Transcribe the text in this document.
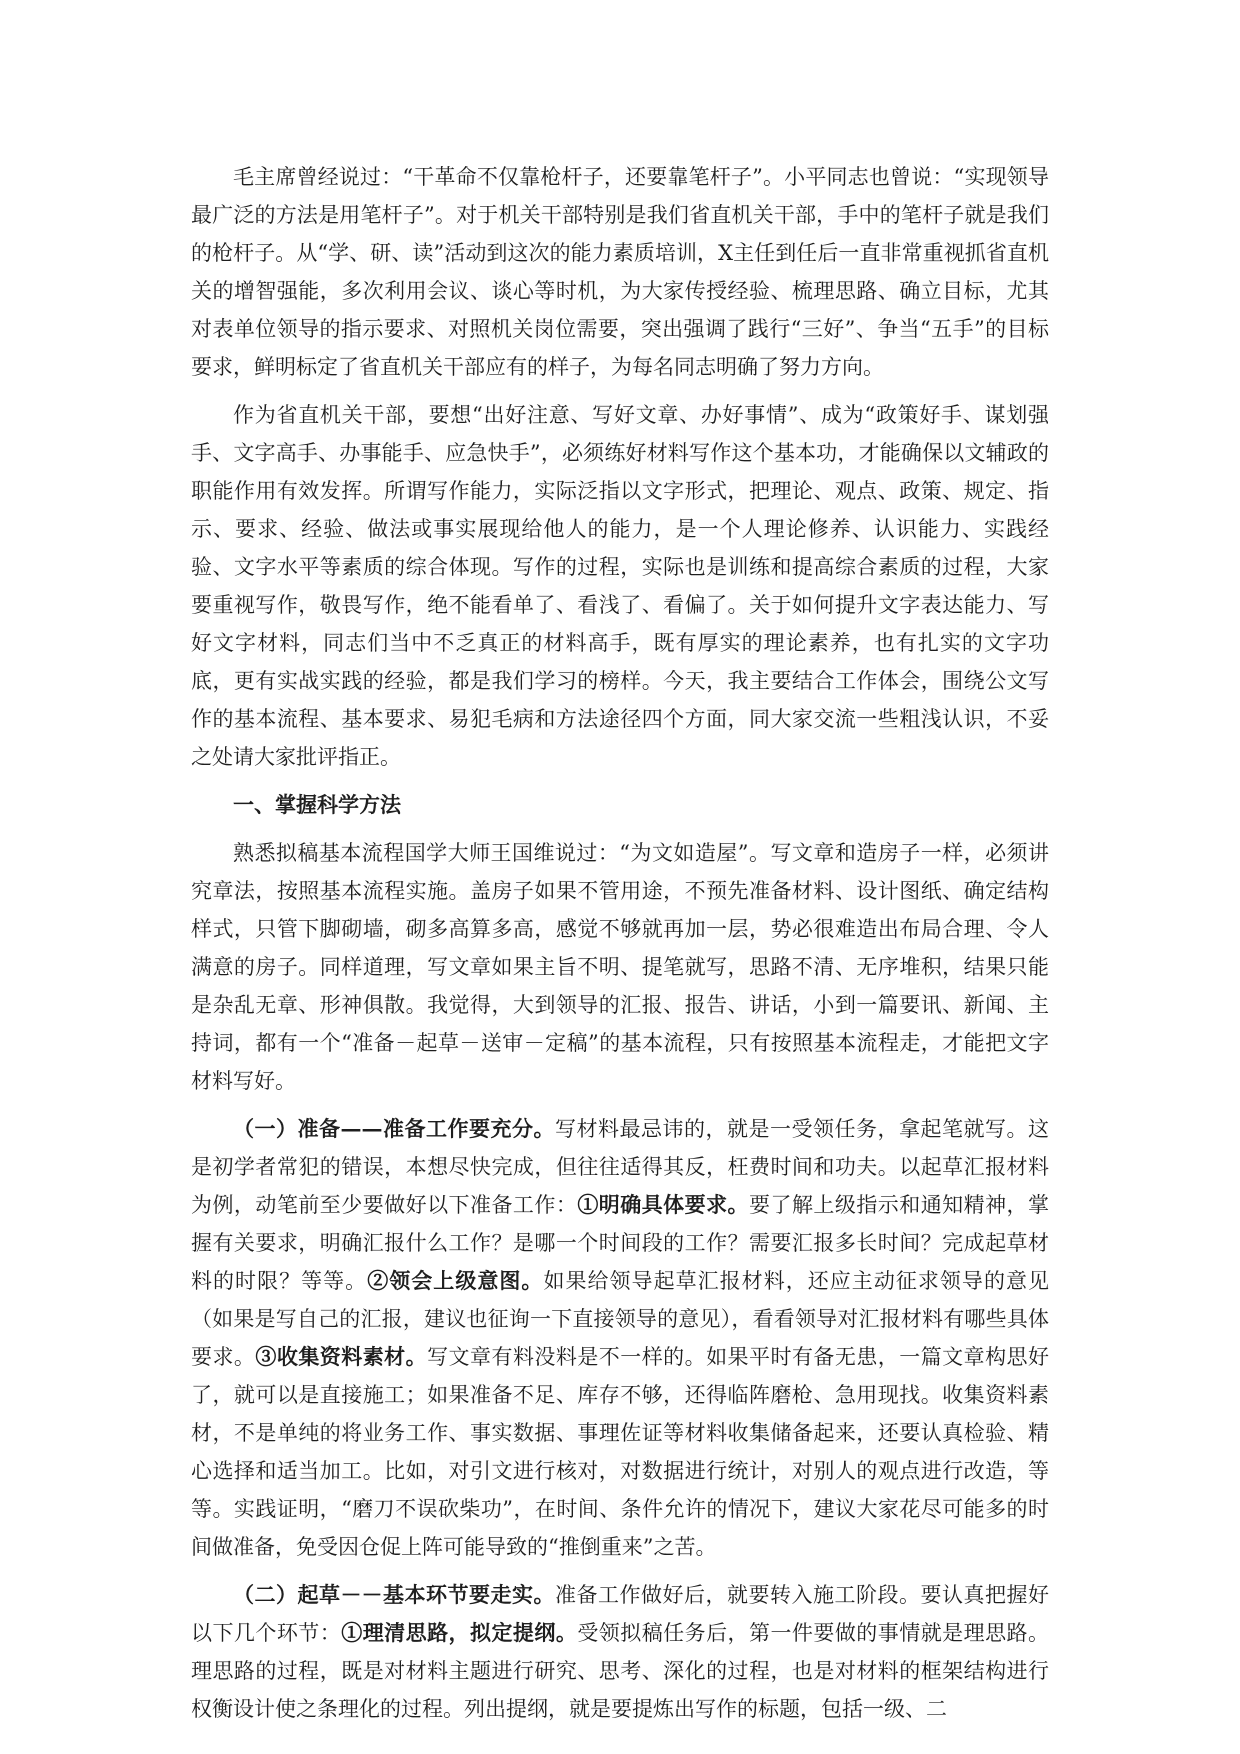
毛主席曾经说过：“干革命不仅靠枪杆子，还要靠笔杆子”。小平同志也曾说：“实现领导最广泛的方法是用笔杆子”。对于机关干部特别是我们省直机关干部，手中的笔杆子就是我们的枪杆子。从“学、研、读”活动到这次的能力素质培训，X主任到任后一直非常重视抓省直机关的增智强能，多次利用会议、谈心等时机，为大家传授经验、梳理思路、确立目标，尤其对表单位领导的指示要求、对照机关岗位需要，突出强调了践行“三好”、争当“五手”的目标要求，鲜明标定了省直机关干部应有的样子，为每名同志明确了努力方向。

作为省直机关干部，要想“出好注意、写好文章、办好事情”、成为“政策好手、谋划强手、文字高手、办事能手、应急快手”，必须练好材料写作这个基本功，才能确保以文辅政的职能作用有效发挥。所谓写作能力，实际泛指以文字形式，把理论、观点、政策、规定、指示、要求、经验、做法或事实展现给他人的能力，是一个人理论修养、认识能力、实践经验、文字水平等素质的综合体现。写作的过程，实际也是训练和提高综合素质的过程，大家要重视写作，敬畏写作，绝不能看单了、看浅了、看偏了。关于如何提升文字表达能力、写好文字材料，同志们当中不乏真正的材料高手，既有厚实的理论素养，也有扎实的文字功底，更有实战实践的经验，都是我们学习的榜样。今天，我主要结合工作体会，围绕公文写作的基本流程、基本要求、易犯毛病和方法途径四个方面，同大家交流一些粗浅认识，不妥之处请大家批评指正。

一、掌握科学方法

熟悉拟稿基本流程国学大师王国维说过：“为文如造屋”。写文章和造房子一样，必须讲究章法，按照基本流程实施。盖房子如果不管用途，不预先准备材料、设计图纸、确定结构样式，只管下脚砌墙，砌多高算多高，感觉不够就再加一层，势必很难造出布局合理、令人满意的房子。同样道理，写文章如果主旨不明、提笔就写，思路不清、无序堆积，结果只能是杂乱无章、形神俱散。我觉得，大到领导的汇报、报告、讲话，小到一篇要讯、新闻、主持词，都有一个“准备－起草－送审－定稿”的基本流程，只有按照基本流程走，才能把文字材料写好。

（一）准备——准备工作要充分。写材料最忌讳的，就是一受领任务，拿起笔就写。这是初学者常犯的错误，本想尽快完成，但往往适得其反，枉费时间和功夫。以起草汇报材料为例，动笔前至少要做好以下准备工作：①明确具体要求。要了解上级指示和通知精神，掌握有关要求，明确汇报什么工作？是哪一个时间段的工作？需要汇报多长时间？完成起草材料的时限？等等。②领会上级意图。如果给领导起草汇报材料，还应主动征求领导的意见（如果是写自己的汇报，建议也征询一下直接领导的意见），看看领导对汇报材料有哪些具体要求。③收集资料素材。写文章有料没料是不一样的。如果平时有备无患，一篇文章构思好了，就可以是直接施工；如果准备不足、库存不够，还得临阵磨枪、急用现找。收集资料素材，不是单纯的将业务工作、事实数据、事理佐证等材料收集储备起来，还要认真检验、精心选择和适当加工。比如，对引文进行核对，对数据进行统计，对别人的观点进行改造，等等。实践证明，“磨刀不误砍柴功”，在时间、条件允许的情况下，建议大家花尽可能多的时间做准备，免受因仓促上阵可能导致的“推倒重来”之苦。

（二）起草－－基本环节要走实。准备工作做好后，就要转入施工阶段。要认真把握好以下几个环节：①理清思路，拟定提纲。受领拟稿任务后，第一件要做的事情就是理思路。理思路的过程，既是对材料主题进行研究、思考、深化的过程，也是对材料的框架结构进行权衡设计使之条理化的过程。列出提纲，就是要提炼出写作的标题，包括一级、二
